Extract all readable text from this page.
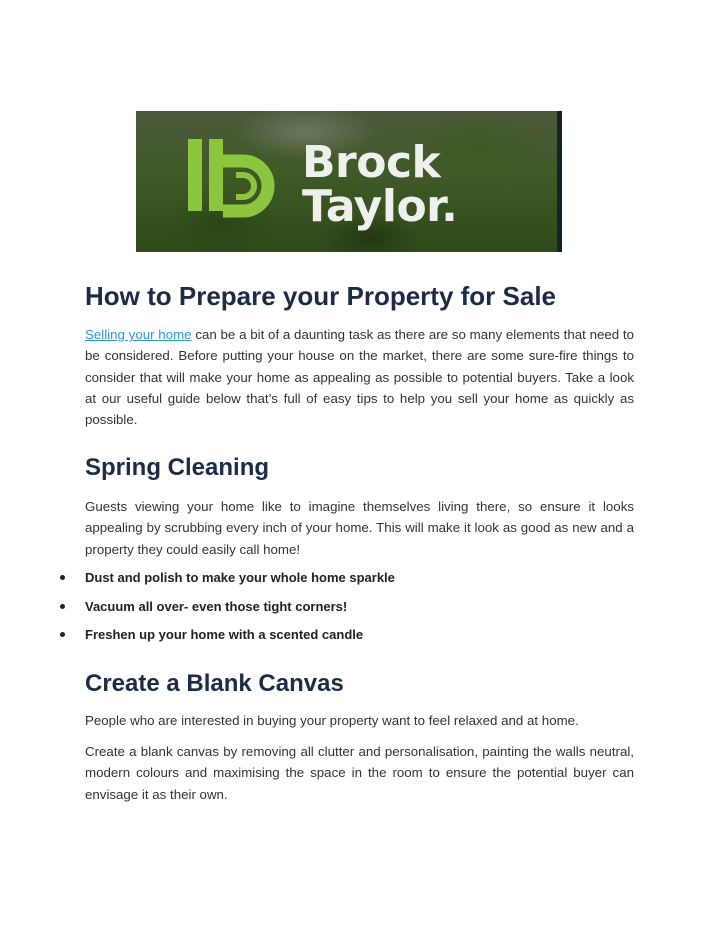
Brock
Taylor.
How to Prepare your Property for Sale

Selling your home can be a bit of a daunting task as there are so many elements that need to be considered. Before putting your house on the market, there are some sure-fire things to consider that will make your home as appealing as possible to potential buyers. Take a look at our useful guide below that’s full of easy tips to help you sell your home as quickly as possible.

Spring Cleaning

Guests viewing your home like to imagine themselves living there, so ensure it looks appealing by scrubbing every inch of your home. This will make it look as good as new and a property they could easily call home!

Dust and polish to make your whole home sparkle
Vacuum all over- even those tight corners!
Freshen up your home with a scented candle
Create a Blank Canvas

People who are interested in buying your property want to feel relaxed and at home.

Create a blank canvas by removing all clutter and personalisation, painting the walls neutral, modern colours and maximising the space in the room to ensure the potential buyer can envisage it as their own.
